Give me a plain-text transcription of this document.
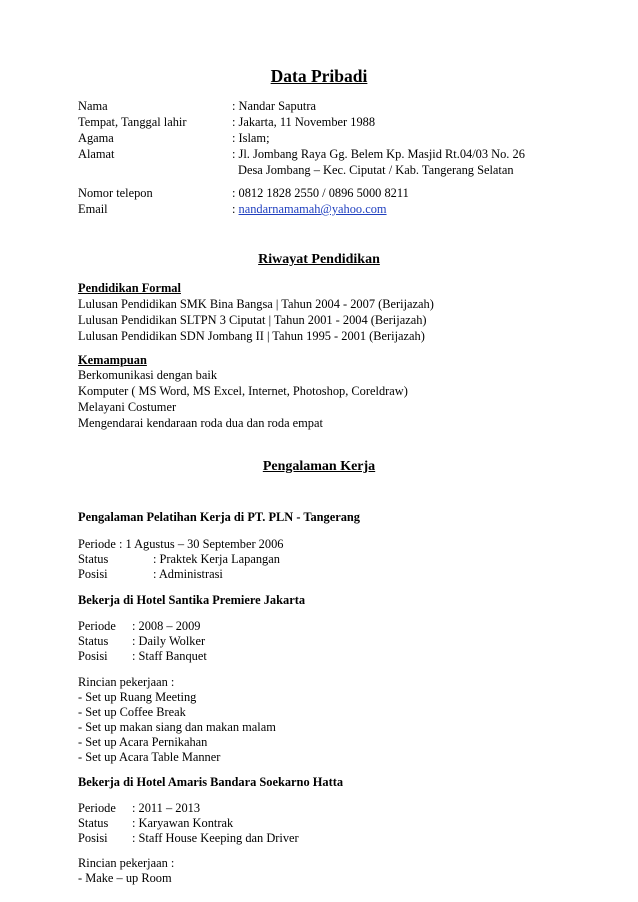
Data Pribadi
Nama	: Nandar Saputra
Tempat, Tanggal lahir	: Jakarta, 11 November 1988
Agama	: Islam;
Alamat	: Jl. Jombang Raya Gg. Belem Kp. Masjid Rt.04/03 No. 26
Desa Jombang – Kec. Ciputat / Kab. Tangerang Selatan
Nomor telepon	: 0812 1828 2550 / 0896 5000 8211
Email	: nandarnamamah@yahoo.com
Riwayat Pendidikan
Pendidikan Formal
Lulusan Pendidikan SMK Bina Bangsa | Tahun 2004 - 2007 (Berijazah)
Lulusan Pendidikan SLTPN 3 Ciputat | Tahun 2001 - 2004 (Berijazah)
Lulusan Pendidikan SDN Jombang II | Tahun 1995 - 2001 (Berijazah)
Kemampuan
Berkomunikasi dengan baik
Komputer ( MS Word, MS Excel, Internet, Photoshop, Coreldraw)
Melayani Costumer
Mengendarai kendaraan roda dua dan roda empat
Pengalaman Kerja
Pengalaman Pelatihan Kerja di PT. PLN - Tangerang
Periode : 1 Agustus – 30 September 2006
Status	: Praktek Kerja Lapangan
Posisi	: Administrasi
Bekerja di Hotel Santika Premiere Jakarta
Periode : 2008 – 2009
Status : Daily Wolker
Posisi : Staff Banquet
Rincian pekerjaan :
- Set up Ruang Meeting
- Set up Coffee Break
- Set up makan siang dan makan malam
- Set up Acara Pernikahan
- Set up Acara Table Manner
Bekerja di Hotel Amaris Bandara Soekarno Hatta
Periode : 2011 – 2013
Status : Karyawan Kontrak
Posisi : Staff House Keeping dan Driver
Rincian pekerjaan :
- Make – up Room
